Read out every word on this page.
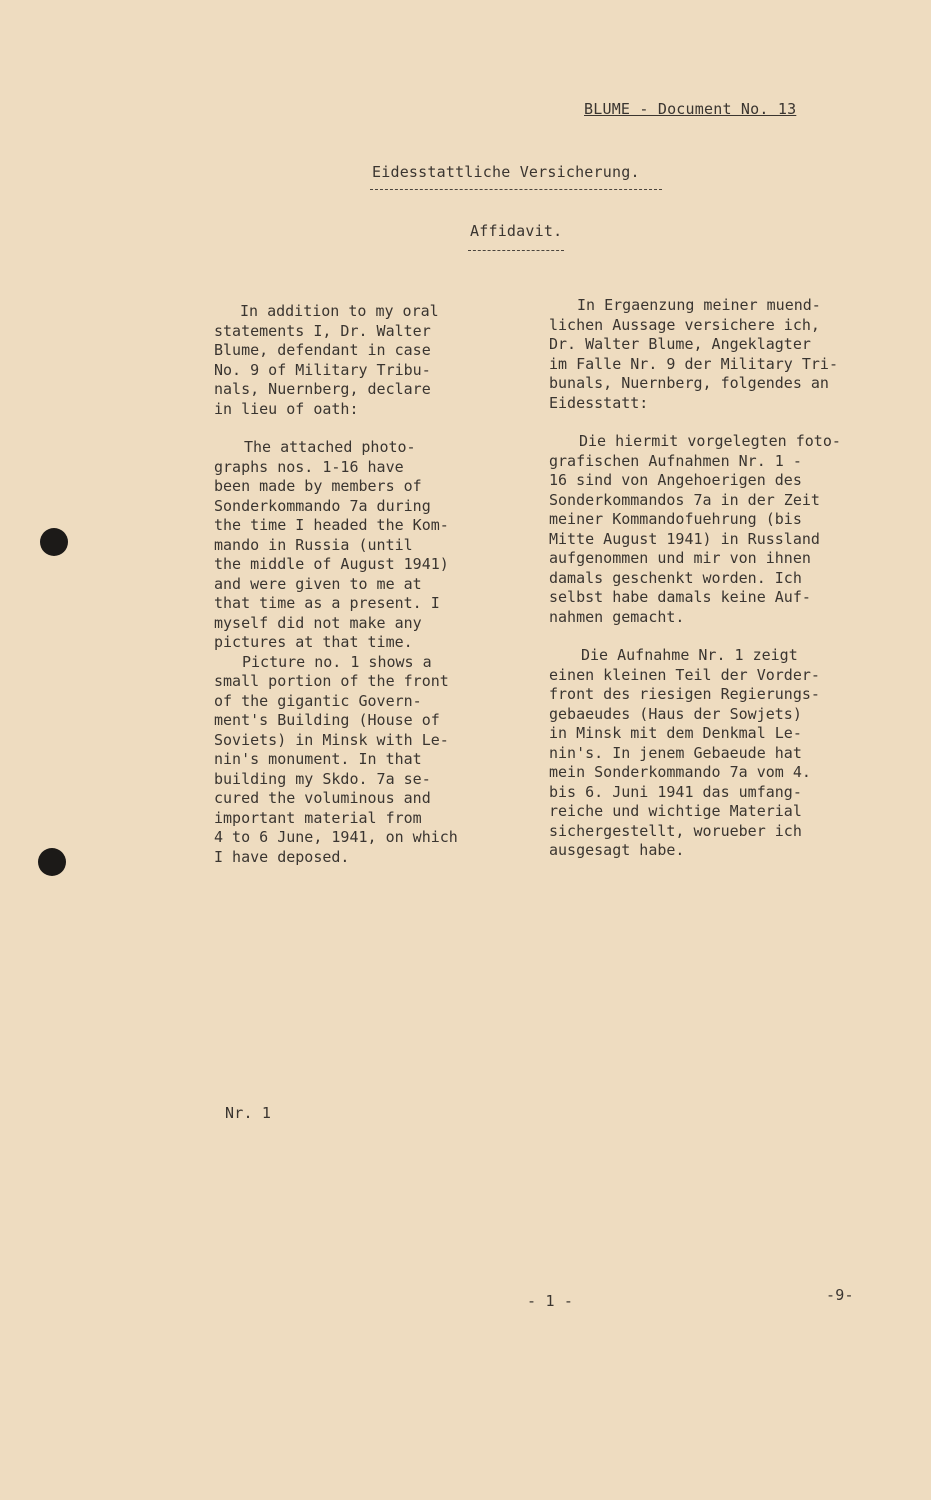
BLUME - Document No. 13
Eidesstattliche Versicherung.
Affidavit.
In addition to my oral
statements I, Dr. Walter
Blume, defendant in case
No. 9 of Military Tribu-
nals, Nuernberg, declare
in lieu of oath:
The attached photo-
graphs nos. 1-16 have
been made by members of
Sonderkommando 7a during
the time I headed the Kom-
mando in Russia (until
the middle of August 1941)
and were given to me at
that time as a present. I
myself did not make any
pictures at that time.
Picture no. 1 shows a
small portion of the front
of the gigantic Govern-
ment's Building (House of
Soviets) in Minsk with Le-
nin's monument. In that
building my Skdo. 7a se-
cured the voluminous and
important material from
4 to 6 June, 1941, on which
I have deposed.
In Ergaenzung meiner muend-
lichen Aussage versichere ich,
Dr. Walter Blume, Angeklagter
im Falle Nr. 9 der Military Tri-
bunals, Nuernberg, folgendes an
Eidesstatt:
Die hiermit vorgelegten foto-
grafischen Aufnahmen Nr. 1 -
16 sind von Angehoerigen des
Sonderkommandos 7a in der Zeit
meiner Kommandofuehrung (bis
Mitte August 1941) in Russland
aufgenommen und mir von ihnen
damals geschenkt worden. Ich
selbst habe damals keine Auf-
nahmen gemacht.
Die Aufnahme Nr. 1 zeigt
einen kleinen Teil der Vorder-
front des riesigen Regierungs-
gebaeudes (Haus der Sowjets)
in Minsk mit dem Denkmal Le-
nin's. In jenem Gebaeude hat
mein Sonderkommando 7a vom 4.
bis 6. Juni 1941 das umfang-
reiche und wichtige Material
sichergestellt, worueber ich
ausgesagt habe.
Nr. 1
- 1 -	-9-
